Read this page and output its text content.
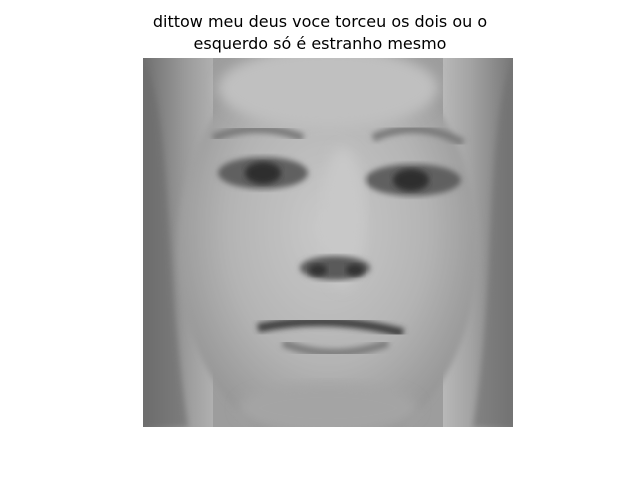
dittow meu deus voce torceu os dois ou o
esquerdo só é estranho mesmo
